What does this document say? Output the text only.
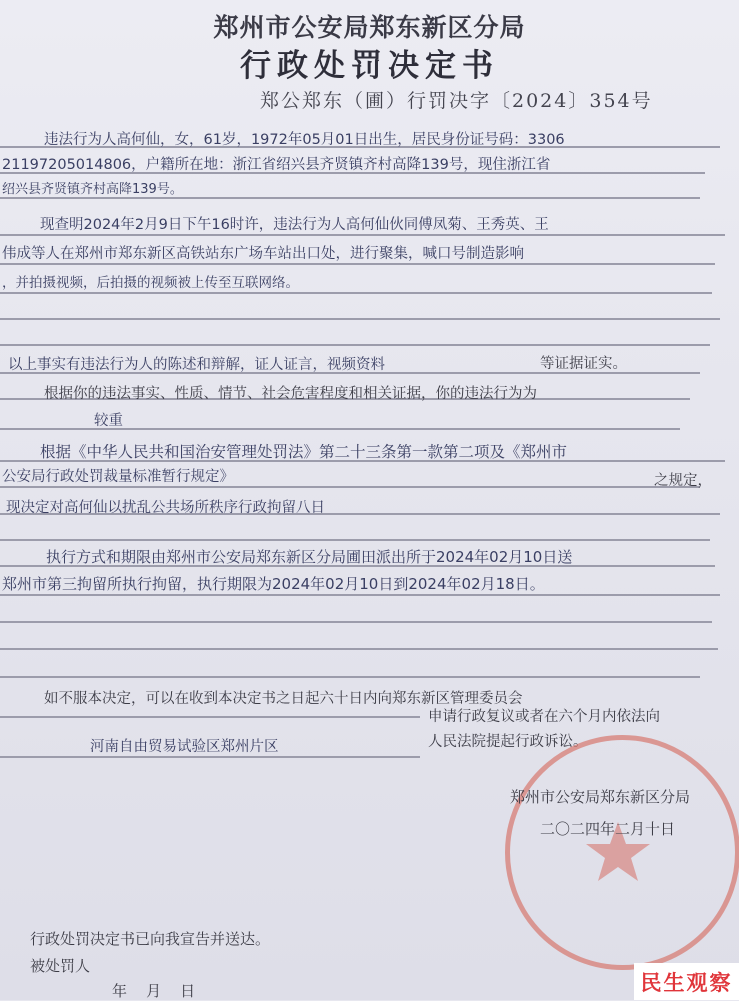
郑州市公安局郑东新区分局
行政处罚决定书
郑公郑东（圃）行罚决字〔2024〕354号
违法行为人高何仙，女，61岁，1972年05月01日出生，居民身份证号码：3306
21197205014806，户籍所在地：浙江省绍兴县齐贤镇齐村高降139号，现住浙江省
绍兴县齐贤镇齐村高降139号。
现查明2024年2月9日下午16时许，违法行为人高何仙伙同傅凤菊、王秀英、王
伟成等人在郑州市郑东新区高铁站东广场车站出口处，进行聚集，喊口号制造影响
，并拍摄视频，后拍摄的视频被上传至互联网络。
以上事实有违法行为人的陈述和辩解，证人证言，视频资料	等证据证实。
根据你的违法事实、性质、情节、社会危害程度和相关证据，你的违法行为为
较重
根据《中华人民共和国治安管理处罚法》第二十三条第一款第二项及《郑州市
公安局行政处罚裁量标准暂行规定》	之规定，
现决定对高何仙以扰乱公共场所秩序行政拘留八日
执行方式和期限由郑州市公安局郑东新区分局圃田派出所于2024年02月10日送
郑州市第三拘留所执行拘留，执行期限为2024年02月10日到2024年02月18日。
如不服本决定，可以在收到本决定书之日起六十日内向郑东新区管理委员会
申请行政复议或者在六个月内依法向
河南自由贸易试验区郑州片区	人民法院提起行政诉讼。
郑州市公安局郑东新区分局
二〇二四年二月十日
行政处罚决定书已向我宣告并送达。
被处罚人
年    月    日	民生观察
